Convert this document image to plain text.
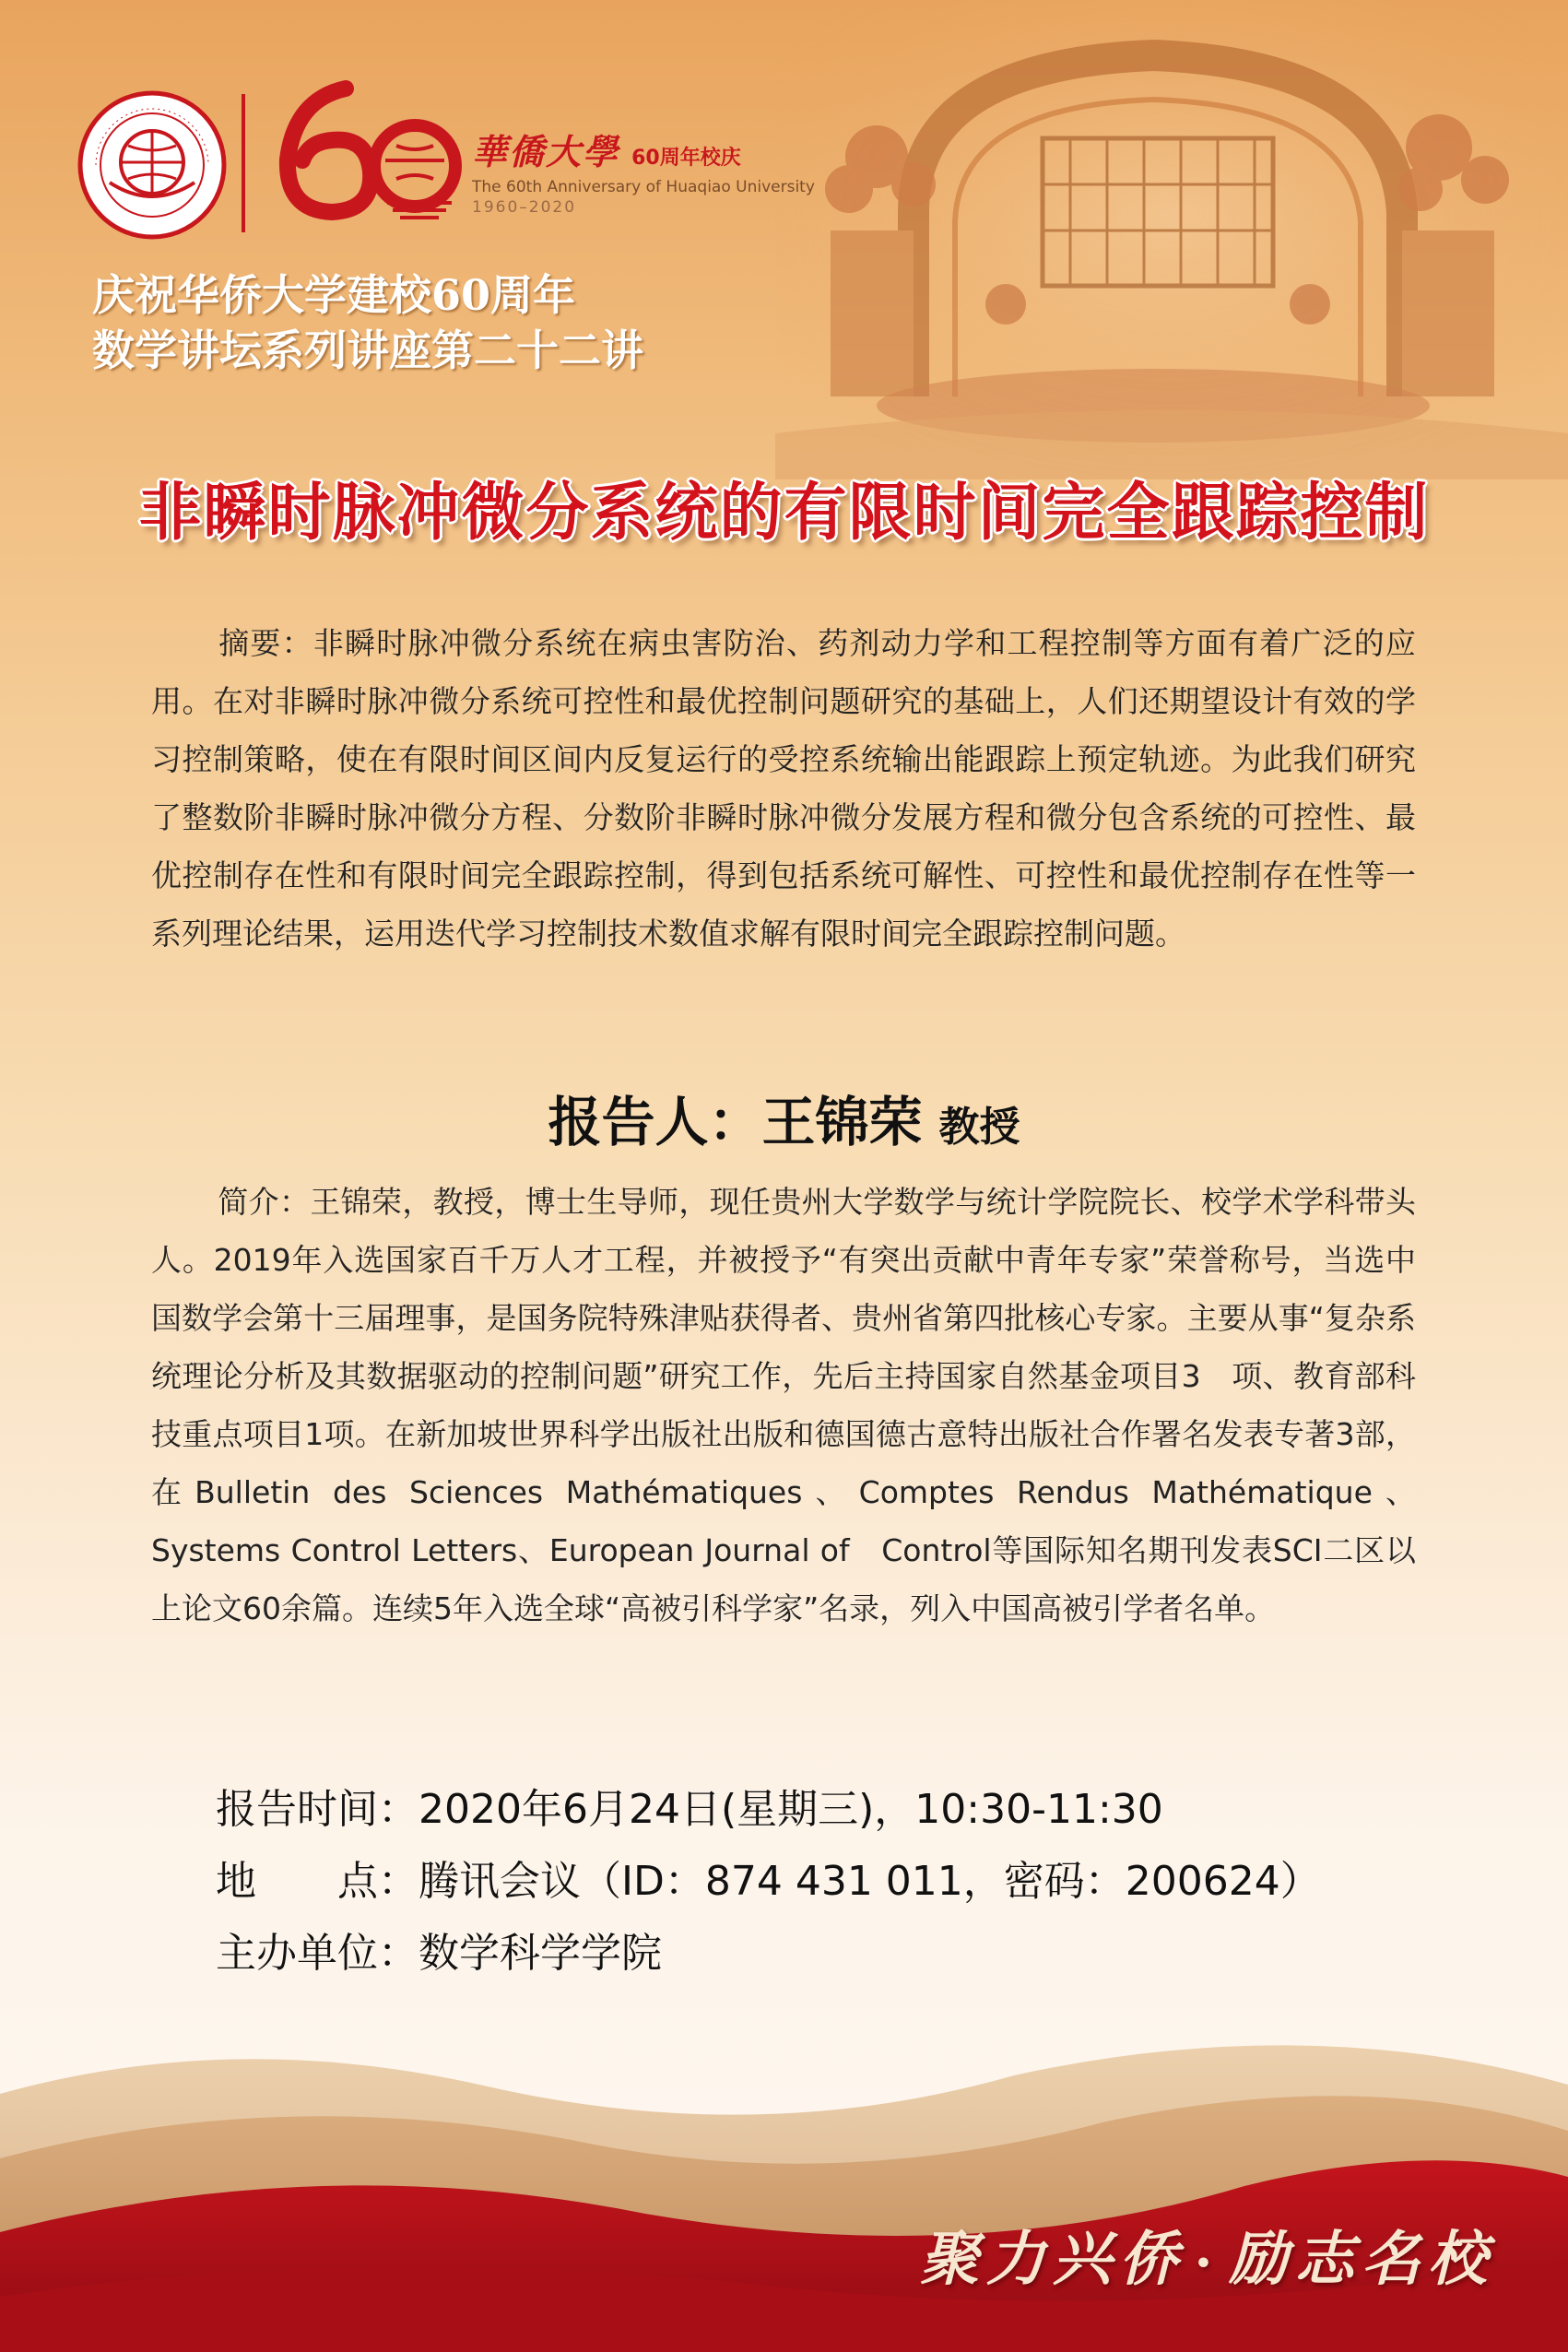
華僑大學 60周年校庆
The 60th Anniversary of Huaqiao University
1960–2020
庆祝华侨大学建校60周年
数学讲坛系列讲座第二十二讲
非瞬时脉冲微分系统的有限时间完全跟踪控制
摘要：非瞬时脉冲微分系统在病虫害防治、药剂动力学和工程控制等方面有着广泛的应用。在对非瞬时脉冲微分系统可控性和最优控制问题研究的基础上，人们还期望设计有效的学习控制策略，使在有限时间区间内反复运行的受控系统输出能跟踪上预定轨迹。为此我们研究了整数阶非瞬时脉冲微分方程、分数阶非瞬时脉冲微分发展方程和微分包含系统的可控性、最优控制存在性和有限时间完全跟踪控制，得到包括系统可解性、可控性和最优控制存在性等一系列理论结果，运用迭代学习控制技术数值求解有限时间完全跟踪控制问题。
报告人：王锦荣 教授
简介：王锦荣，教授，博士生导师，现任贵州大学数学与统计学院院长、校学术学科带头人。2019年入选国家百千万人才工程，并被授予“有突出贡献中青年专家”荣誉称号，当选中国数学会第十三届理事，是国务院特殊津贴获得者、贵州省第四批核心专家。主要从事“复杂系统理论分析及其数据驱动的控制问题”研究工作，先后主持国家自然基金项目3　项、教育部科技重点项目1项。在新加坡世界科学出版社出版和德国德古意特出版社合作署名发表专著3部，在Bulletin des Sciences Mathématiques、Comptes Rendus Mathématique、Systems Control Letters、European Journal of　Control等国际知名期刊发表SCI二区以上论文60余篇。连续5年入选全球“高被引科学家”名录，列入中国高被引学者名单。
报告时间：2020年6月24日(星期三)，10:30-11:30
地　　点：腾讯会议（ID：874 431 011，密码：200624）
主办单位：数学科学学院
聚力兴侨 • 励志名校
